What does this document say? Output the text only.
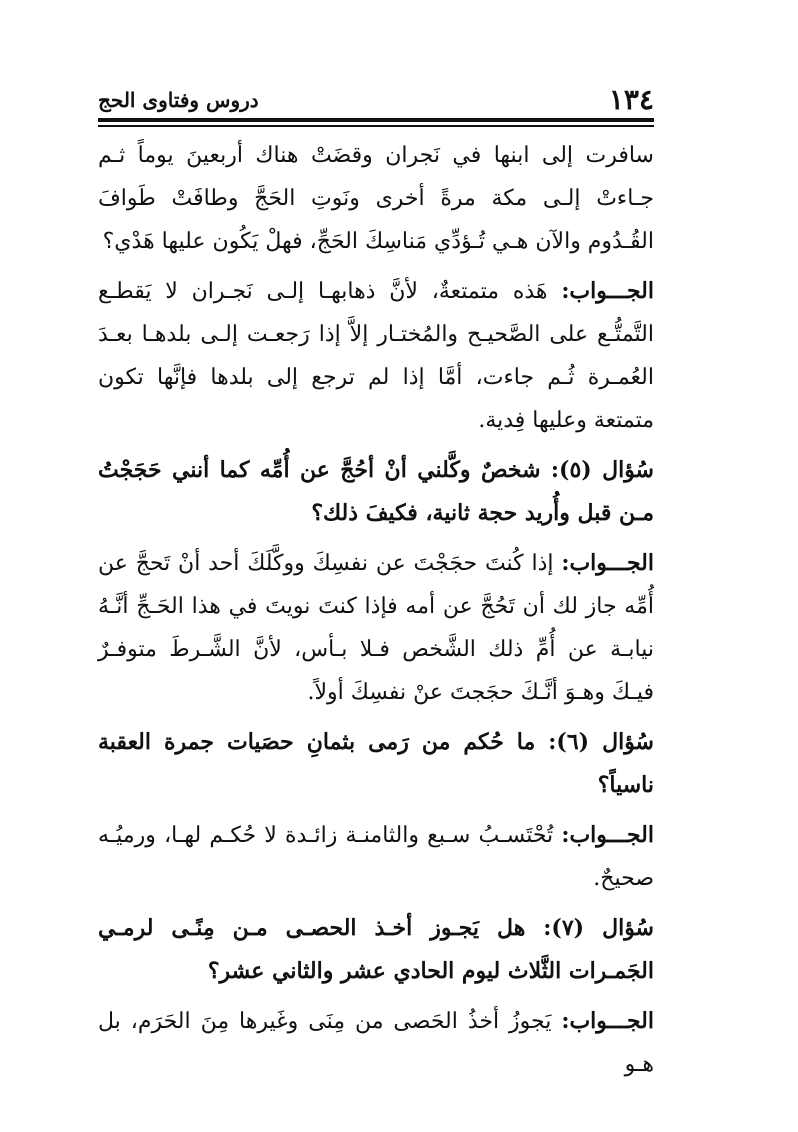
١٣٤
دروس وفتاوى الحج

سافرت إلى ابنها في نَجران وقضَتْ هناك أربعينَ يوماً ثـم جـاءتْ إلـى مكة مرةً أخرى ونَوتِ الحَجَّ وطافَتْ طَوافَ القُـدُوم والآن هـي تُـؤدِّي مَناسِكَ الحَجِّ، فهلْ يَكُون عليها هَدْي؟

الجـــواب: هَذه متمتعةٌ، لأنَّ ذهابهـا إلـى نَجـران لا يَقطـع التَّمتُّـع على الصَّحيـح والمُختـار إلاَّ إذا رَجعـت إلـى بلدهـا بعـدَ العُمـرة ثُـم جاءت، أمَّا إذا لم ترجع إلى بلدها فإنَّها تكون متمتعة وعليها فِدية.

سُؤال (٥): شخصٌ وكَّلني أنْ أحُجَّ عن أُمِّه كما أنني حَجَجْتُ مـن قبل وأُريد حجة ثانية، فكيفَ ذلك؟

الجـــواب: إذا كُنتَ حجَجْتَ عن نفسِكَ ووكَّلَكَ أحد أنْ تَحجَّ عن أُمِّه جاز لك أن تَحُجَّ عن أمه فإذا كنتَ نويتَ في هذا الحَـجِّ أنَّـهُ نيابـة عن أُمِّ ذلك الشَّخص فـلا بـأس، لأنَّ الشَّـرطَ متوفـرٌ فيـكَ وهـوَ أنَّـكَ حجَجتَ عنْ نفسِكَ أولاً.

سُؤال (٦): ما حُكم من رَمى بثمانِ حصَيات جمرة العقبة ناسياً؟

الجـــواب: تُحْتَسـبُ سـبع والثامنـة زائـدة لا حُكـم لهـا، ورميُـه صحيحٌ.

سُؤال (٧): هل يَجـوز أخـذ الحصـى مـن مِنًـى لرمـي الجَمـرات الثَّلاث ليوم الحادي عشر والثاني عشر؟

الجـــواب: يَجوزُ أخذُ الحَصى من مِنَى وغَيرها مِنَ الحَرَم، بل هـو
